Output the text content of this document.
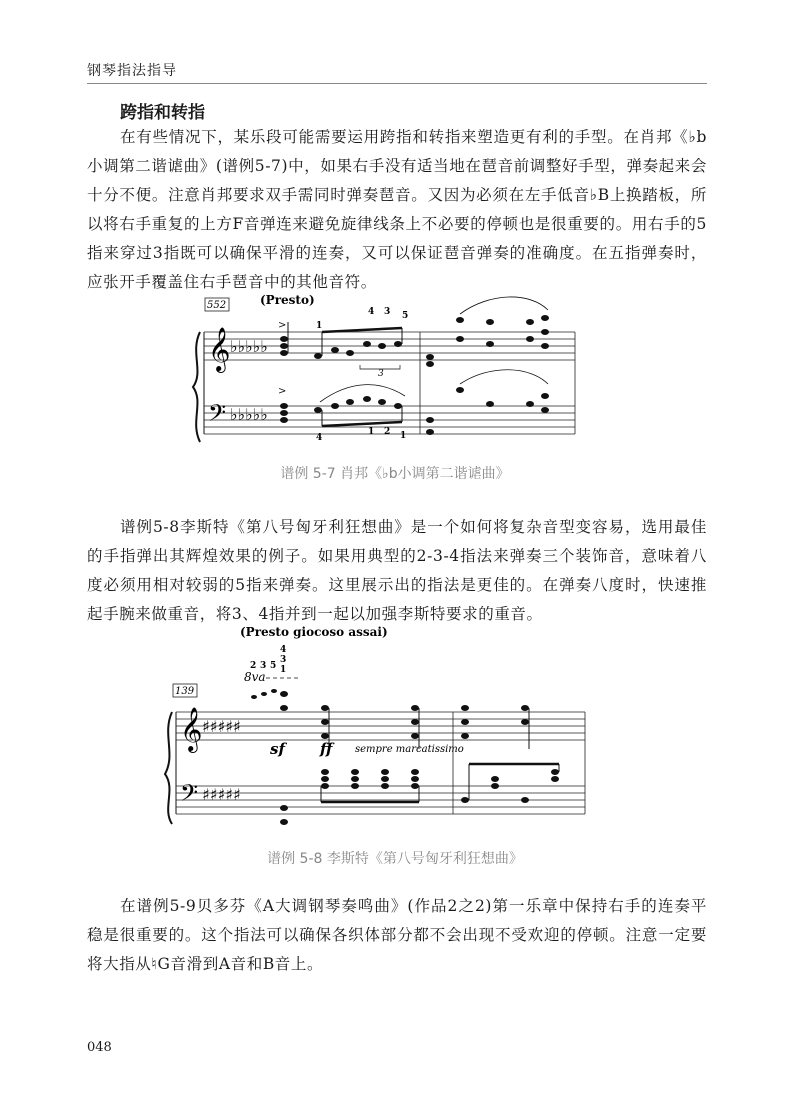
钢琴指法指导
跨指和转指

在有些情况下，某乐段可能需要运用跨指和转指来塑造更有利的手型。在肖邦《♭b小调第二谐谑曲》(谱例5-7)中，如果右手没有适当地在琶音前调整好手型，弹奏起来会十分不便。注意肖邦要求双手需同时弹奏琶音。又因为必须在左手低音♭B上换踏板，所以将右手重复的上方F音弹连来避免旋律线条上不必要的停顿也是很重要的。用右手的5指来穿过3指既可以确保平滑的连奏，又可以保证琶音弹奏的准确度。在五指弹奏时，应张开手覆盖住右手琶音中的其他音符。

552	(Presto)
𝄞
𝄢
♭♭♭♭♭
♭♭♭♭♭
>	1
4 3 5
3
>
4
1 2 1
谱例 5-7 肖邦《♭b小调第二谐谑曲》

谱例5-8李斯特《第八号匈牙利狂想曲》是一个如何将复杂音型变容易，选用最佳的手指弹出其辉煌效果的例子。如果用典型的2-3-4指法来弹奏三个装饰音，意味着八度必须用相对较弱的5指来弹奏。这里展示出的指法是更佳的。在弹奏八度时，快速推起手腕来做重音，将3、4指并到一起以加强李斯特要求的重音。

(Presto giocoso assai)
2 3 5
4
3
1
8va
139
𝄞
𝄢
♯♯♯♯♯
♯♯♯♯♯
sf ff sempre marcatissimo
谱例 5-8 李斯特《第八号匈牙利狂想曲》

在谱例5-9贝多芬《A大调钢琴奏鸣曲》(作品2之2)第一乐章中保持右手的连奏平稳是很重要的。这个指法可以确保各织体部分都不会出现不受欢迎的停顿。注意一定要将大指从♮G音滑到A音和B音上。

048
